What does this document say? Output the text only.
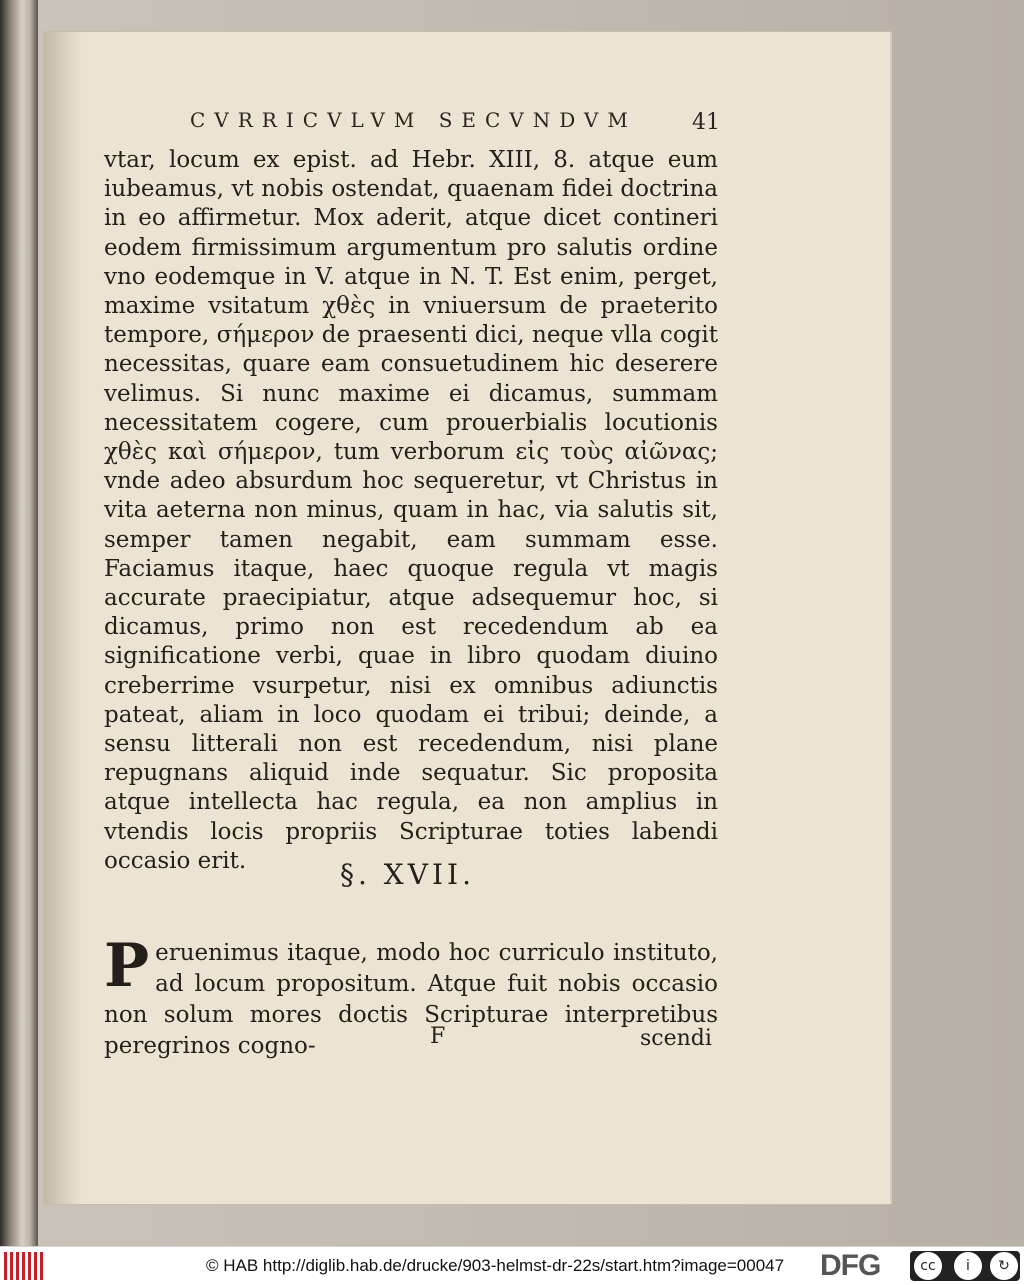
CVRRICVLVM SECVNDVM	41

vtar, locum ex epist. ad Hebr. XIII, 8. atque eum iubeamus, vt nobis ostendat, quaenam fidei doctrina in eo affirmetur. Mox aderit, atque dicet contineri eodem firmissimum argumentum pro salutis ordine vno eodemque in V. atque in N. T. Est enim, perget, maxime vsitatum χθὲς in vniuersum de praeterito tempore, σήμερον de praesenti dici, neque vlla cogit necessitas, quare eam consuetudinem hic deserere velimus. Si nunc maxime ei dicamus, summam necessitatem cogere, cum prouerbialis locutionis χθὲς καὶ σήμερον, tum verborum εἰς τοὺς αἰῶνας; vnde adeo absurdum hoc sequeretur, vt Christus in vita aeterna non minus, quam in hac, via salutis sit, semper tamen negabit, eam summam esse. Faciamus itaque, haec quoque regula vt magis accurate praecipiatur, atque adsequemur hoc, si dicamus, primo non est recedendum ab ea significatione verbi, quae in libro quodam diuino creberrime vsurpetur, nisi ex omnibus adiunctis pateat, aliam in loco quodam ei tribui; deinde, a sensu litterali non est recedendum, nisi plane repugnans aliquid inde sequatur. Sic proposita atque intellecta hac regula, ea non amplius in vtendis locis propriis Scripturae toties labendi occasio erit.	§. XVII.

Peruenimus itaque, modo hoc curriculo instituto, ad locum propositum. Atque fuit nobis occasio non solum mores doctis Scripturae interpretibus peregrinos cogno-	F	scendi
© HAB http://diglib.hab.de/drucke/903-helmst-dr-22s/start.htm?image=00047 DFG	cc	i	↻
